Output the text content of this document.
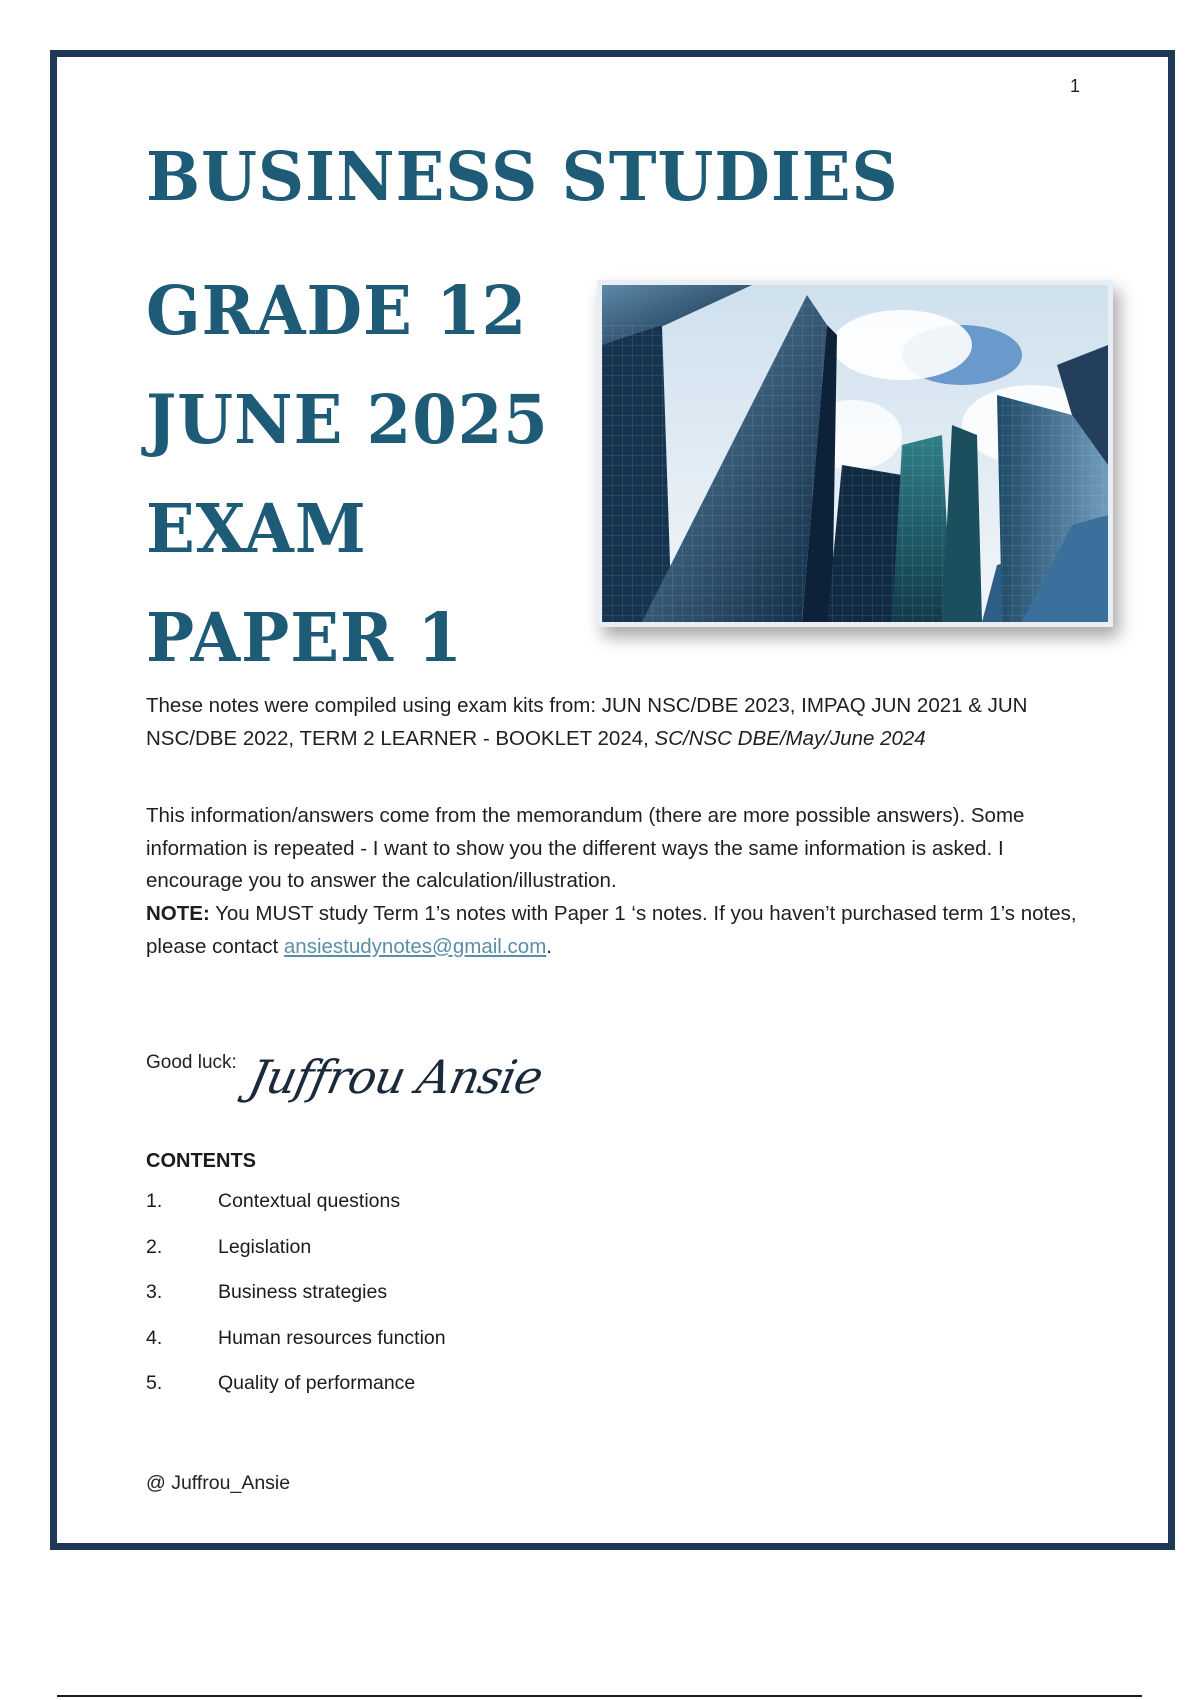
1
BUSINESS STUDIES
GRADE 12
JUNE 2025
EXAM
PAPER 1
These notes were compiled using exam kits from: JUN NSC/DBE 2023, IMPAQ JUN 2021 & JUN NSC/DBE 2022, TERM 2 LEARNER - BOOKLET 2024, SC/NSC DBE/May/June 2024
This information/answers come from the memorandum (there are more possible answers). Some information is repeated - I want to show you the different ways the same information is asked. I encourage you to answer the calculation/illustration.
NOTE: You MUST study Term 1’s notes with Paper 1 ‘s notes. If you haven’t purchased term 1’s notes, please contact ansiestudynotes@gmail.com.
Good luck: Juffrou Ansie
CONTENTS
1.	Contextual questions
2.	Legislation
3.	Business strategies
4.	Human resources function
5.	Quality of performance
@ Juffrou_Ansie
